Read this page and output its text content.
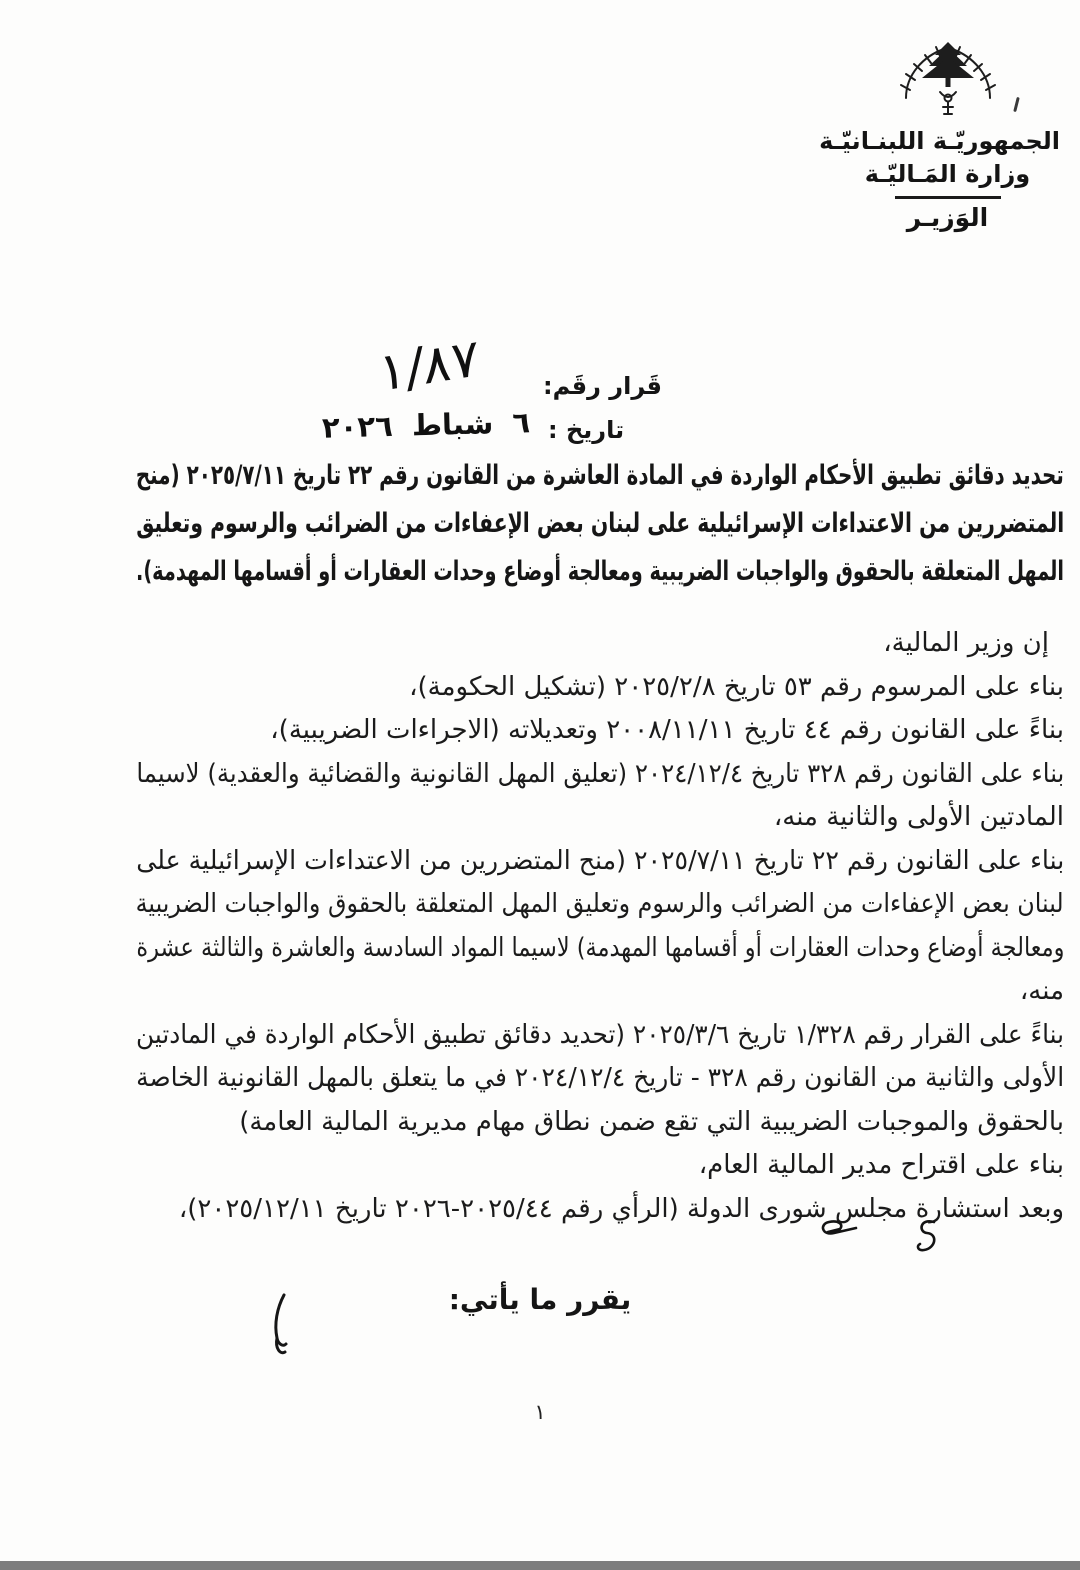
الجمهوريّـة اللبنـانيّـة
وزارة المَـاليّـة
الوَزيـر
قَرار رقَم:
١/٨٧
تاريخ :
٦ شباط ٢٠٢٦
تحديد دقائق تطبيق الأحكام الواردة في المادة العاشرة من القانون رقم ٢٢ تاريخ ٢٠٢٥/٧/١١ (منح
المتضررين من الاعتداءات الإسرائيلية على لبنان بعض الإعفاءات من الضرائب والرسوم وتعليق
المهل المتعلقة بالحقوق والواجبات الضريبية ومعالجة أوضاع وحدات العقارات أو أقسامها المهدمة).
إن وزير المالية،
بناء على المرسوم رقم ٥٣ تاريخ ٢٠٢٥/٢/٨ (تشكيل الحكومة)،
بناءً على القانون رقم ٤٤ تاريخ ٢٠٠٨/١١/١١ وتعديلاته (الاجراءات الضريبية)،
بناء على القانون رقم ٣٢٨ تاريخ ٢٠٢٤/١٢/٤ (تعليق المهل القانونية والقضائية والعقدية) لاسيما
المادتين الأولى والثانية منه،
بناء على القانون رقم ٢٢ تاريخ ٢٠٢٥/٧/١١ (منح المتضررين من الاعتداءات الإسرائيلية على
لبنان بعض الإعفاءات من الضرائب والرسوم وتعليق المهل المتعلقة بالحقوق والواجبات الضريبية
ومعالجة أوضاع وحدات العقارات أو أقسامها المهدمة) لاسيما المواد السادسة والعاشرة والثالثة عشرة
منه،
بناءً على القرار رقم ١/٣٢٨ تاريخ ٢٠٢٥/٣/٦ (تحديد دقائق تطبيق الأحكام الواردة في المادتين
الأولى والثانية من القانون رقم ٣٢٨ - تاريخ ٢٠٢٤/١٢/٤ في ما يتعلق بالمهل القانونية الخاصة
بالحقوق والموجبات الضريبية التي تقع ضمن نطاق مهام مديرية المالية العامة)
بناء على اقتراح مدير المالية العام،
وبعد استشارة مجلس شورى الدولة (الرأي رقم ٢٠٢٥/٤٤-٢٠٢٦ تاريخ ٢٠٢٥/١٢/١١)،
يقرر ما يأتي:
١
